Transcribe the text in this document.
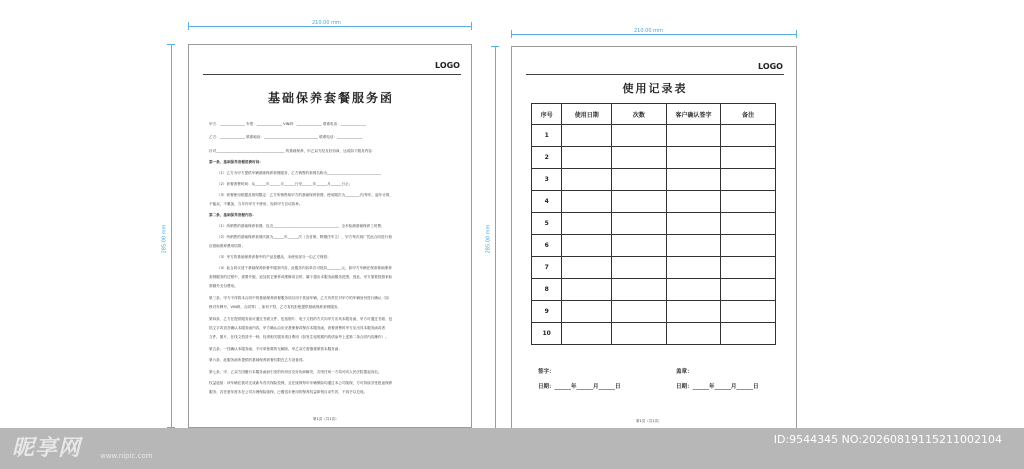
210.00 mm
285.00 mm
210.00 mm
285.00 mm
LOGO
基础保养套餐服务函
甲方：______________ 车型：______________ VIN码：______________ 联系电话：______________
乙方：______________ 联系地址：______________________________ 联系电话：______________
针对______________________________________ 的基础保养，甲乙双方经友好协商，达成如下服务内容：
第一条、基础保养套餐消费时间：
（1）乙方为甲方提供车辆基础保养套餐服务，乙方销售的套餐名称为______________________________
（2）套餐消费时间：从______年______月______日至______年______月______日止；
（3）套餐使用根据及规则限定：乙方所销售给甲方的基础保养套餐，使用期次为________次/每年，逾年计算，
不能双，不累加，当年内甲方不使用，视同甲方自动放弃。
第二条、基础保养套餐内容：
（1）所销售的基础保养套餐，包含____________________________________，全车检测基础保养工时费；
（2）所销售的基础保养套餐次数为______年______次（含首保，附赠任车主），甲方每次到厂凭此合同进行相
应基础保养费用结算；
（3）甲方的基础保养套餐中的产品及赠品，未使用部分一由乙方保管；
（4）此合同仅适于基础保养套餐中服务内容，此服务内容单次可抵扣________元，如甲方车辆在保套基础保养
套餐服务的过程中，需要升级、追加其它保养或维修项目时，属于超出本服务函服务范围，因此，甲方需要按照来标
准额外支付费用。
第三条、甲方不得将本合同中的基础保养套餐服务项目用于其他车辆，乙方有责任对甲方的车辆身份进行确认（如
核对车牌号，VIN码，合同等），如有不符，乙方有权拒绝提供基础保养套餐服务。
第四条、乙方在提供服务前可通过书面文件、包括图片、电子文档的方式向甲方出具本服务函，甲方可通过书面、包
括文字或语音确认本服务函内容，甲方确认由应妥基保餐或保存本服务函，套餐消费时甲方应出具本服务函或者
文件，图片，在线文档其中一种，经须相关服务项目费用（如发生返短期内的请参考上述第二条合同内容操作）。
第五条、一经确认本服务函，不可单独要的无解除，甲乙双方需慎重保管本服务函；
第六条、此服务函所提供的基础保养套餐仅限在乙方设备得。
第七条、甲、乙双方因履行本服务函而引发的纠纷应友好协商解决，否则任何一方均可向人民法院提起诉讼。
权益延续：该车辆在我司完成新车首次保险投保，且在续保每年车辆保险均通过本公司续保，方可持续享受报途保养
服务；若任意年度未在公司办理保险续保，已赠送未使用的保养权益即刻自动失效，不再予以兑现。
第1页（共1页）
LOGO
使用记录表
序号	使用日期	次数	客户确认签字	备注
1				
2				
3				
4				
5				
6				
7				
8				
9				
10				
签字：	盖章：
日期：______年______月______日	日期：______年______月______日
第1页（共1页）
昵享网	www.nipic.com
ID:9544345 NO:20260819115211002104
